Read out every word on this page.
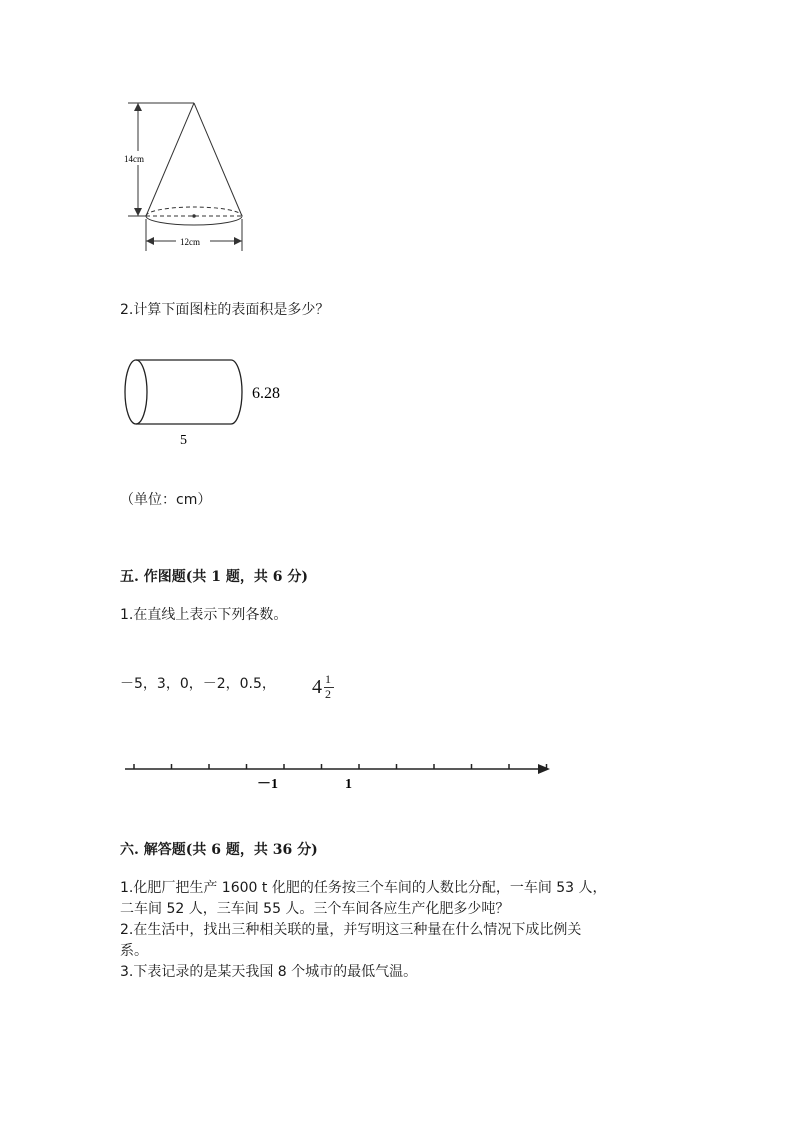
14cm
12cm
2.计算下面图柱的表面积是多少？
6.28
5
（单位：cm）
五. 作图题(共 1 题，共 6 分)
1.在直线上表示下列各数。
－5，3，0，－2，0.5， 4 1
2
－1	1
六. 解答题(共 6 题，共 36 分)
1.化肥厂把生产 1600 t 化肥的任务按三个车间的人数比分配，一车间 53 人，
二车间 52 人，三车间 55 人。三个车间各应生产化肥多少吨？
2.在生活中，找出三种相关联的量，并写明这三种量在什么情况下成比例关
系。
3.下表记录的是某天我国 8 个城市的最低气温。
